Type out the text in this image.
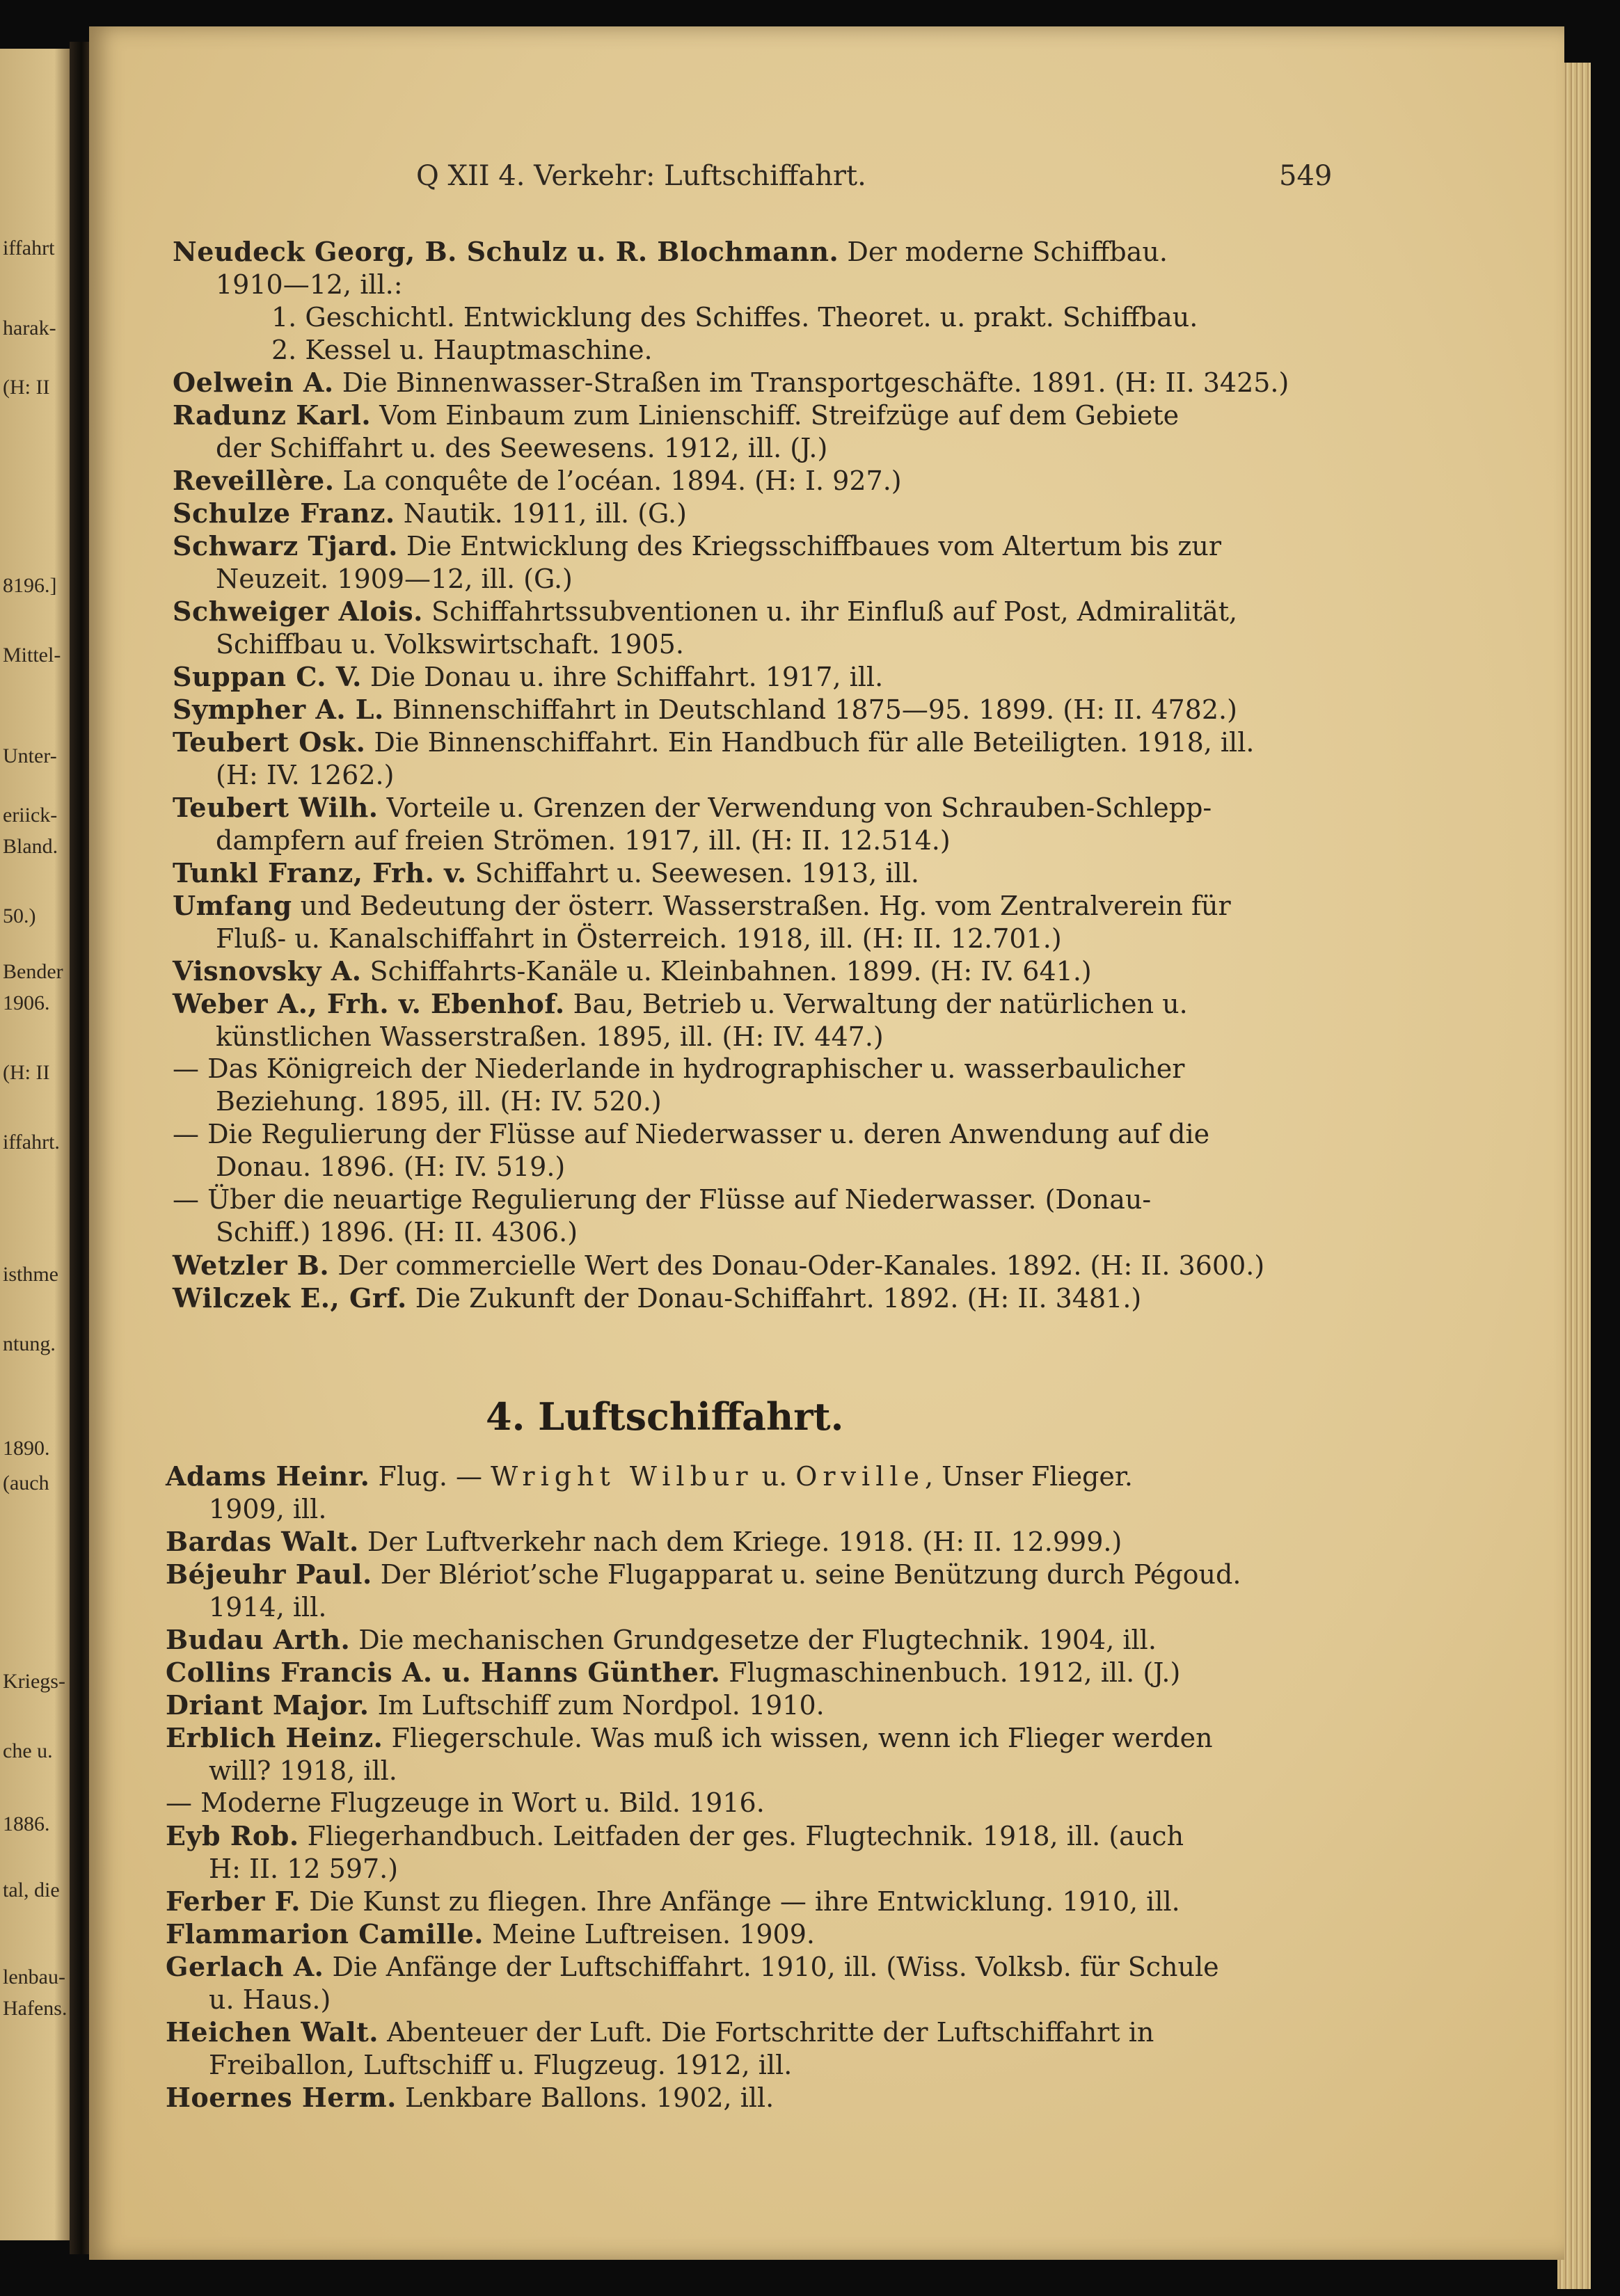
iffahrt
harak-
(H: II
8196.]
Mittel-
Unter-
eriick-
Bland.
50.)
Bender
1906.
(H: II
iffahrt.
isthme
ntung.
1890.
(auch
Kriegs-
che u.
1886.
tal, die
lenbau-
Hafens.
Q XII 4. Verkehr: Luftschiffahrt.	549
Neudeck Georg, B. Schulz u. R. Blochmann. Der moderne Schiffbau.
1910—12, ill.:
1. Geschichtl. Entwicklung des Schiffes. Theoret. u. prakt. Schiffbau.
2. Kessel u. Hauptmaschine.
Oelwein A. Die Binnenwasser-Straßen im Transportgeschäfte. 1891. (H: II. 3425.)
Radunz Karl. Vom Einbaum zum Linienschiff. Streifzüge auf dem Gebiete
der Schiffahrt u. des Seewesens. 1912, ill. (J.)
Reveillère. La conquête de l’océan. 1894. (H: I. 927.)
Schulze Franz. Nautik. 1911, ill. (G.)
Schwarz Tjard. Die Entwicklung des Kriegsschiffbaues vom Altertum bis zur
Neuzeit. 1909—12, ill. (G.)
Schweiger Alois. Schiffahrtssubventionen u. ihr Einfluß auf Post, Admiralität,
Schiffbau u. Volkswirtschaft. 1905.
Suppan C. V. Die Donau u. ihre Schiffahrt. 1917, ill.
Sympher A. L. Binnenschiffahrt in Deutschland 1875—95. 1899. (H: II. 4782.)
Teubert Osk. Die Binnenschiffahrt. Ein Handbuch für alle Beteiligten. 1918, ill.
(H: IV. 1262.)
Teubert Wilh. Vorteile u. Grenzen der Verwendung von Schrauben-Schlepp-
dampfern auf freien Strömen. 1917, ill. (H: II. 12.514.)
Tunkl Franz, Frh. v. Schiffahrt u. Seewesen. 1913, ill.
Umfang und Bedeutung der österr. Wasserstraßen. Hg. vom Zentralverein für
Fluß- u. Kanalschiffahrt in Österreich. 1918, ill. (H: II. 12.701.)
Visnovsky A. Schiffahrts-Kanäle u. Kleinbahnen. 1899. (H: IV. 641.)
Weber A., Frh. v. Ebenhof. Bau, Betrieb u. Verwaltung der natürlichen u.
künstlichen Wasserstraßen. 1895, ill. (H: IV. 447.)
— Das Königreich der Niederlande in hydrographischer u. wasserbaulicher
Beziehung. 1895, ill. (H: IV. 520.)
— Die Regulierung der Flüsse auf Niederwasser u. deren Anwendung auf die
Donau. 1896. (H: IV. 519.)
— Über die neuartige Regulierung der Flüsse auf Niederwasser. (Donau-
Schiff.) 1896. (H: II. 4306.)
Wetzler B. Der commercielle Wert des Donau-Oder-Kanales. 1892. (H: II. 3600.)
Wilczek E., Grf. Die Zukunft der Donau-Schiffahrt. 1892. (H: II. 3481.)
4. Luftschiffahrt.
Adams Heinr. Flug. — Wright Wilbur u. Orville, Unser Flieger.
1909, ill.
Bardas Walt. Der Luftverkehr nach dem Kriege. 1918. (H: II. 12.999.)
Béjeuhr Paul. Der Blériot’sche Flugapparat u. seine Benützung durch Pégoud.
1914, ill.
Budau Arth. Die mechanischen Grundgesetze der Flugtechnik. 1904, ill.
Collins Francis A. u. Hanns Günther. Flugmaschinenbuch. 1912, ill. (J.)
Driant Major. Im Luftschiff zum Nordpol. 1910.
Erblich Heinz. Fliegerschule. Was muß ich wissen, wenn ich Flieger werden
will? 1918, ill.
— Moderne Flugzeuge in Wort u. Bild. 1916.
Eyb Rob. Fliegerhandbuch. Leitfaden der ges. Flugtechnik. 1918, ill. (auch
H: II. 12 597.)
Ferber F. Die Kunst zu fliegen. Ihre Anfänge — ihre Entwicklung. 1910, ill.
Flammarion Camille. Meine Luftreisen. 1909.
Gerlach A. Die Anfänge der Luftschiffahrt. 1910, ill. (Wiss. Volksb. für Schule
u. Haus.)
Heichen Walt. Abenteuer der Luft. Die Fortschritte der Luftschiffahrt in
Freiballon, Luftschiff u. Flugzeug. 1912, ill.
Hoernes Herm. Lenkbare Ballons. 1902, ill.
